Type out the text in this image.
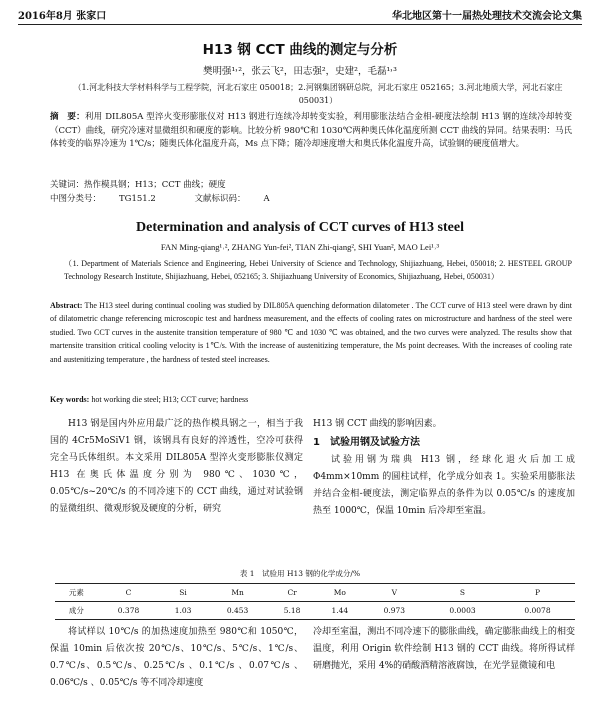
2016年8月 张家口	华北地区第十一届热处理技术交流会论文集
H13 钢 CCT 曲线的测定与分析
樊明强¹˒²，张云飞²，田志强²，史建²，毛磊¹˒³
（1.河北科技大学材料科学与工程学院，河北石家庄 050018；2.河钢集团钢研总院，河北石家庄 052165；3.河北地质大学，河北石家庄 050031）
摘　要：利用 DIL805A 型淬火变形膨胀仪对 H13 钢进行连续冷却转变实验，利用膨胀法结合金相-硬度法绘制 H13 钢的连续冷却转变（CCT）曲线，研究冷速对显微组织和硬度的影响。比较分析 980℃和 1030℃两种奥氏体化温度所测 CCT 曲线的异同。结果表明：马氏体转变的临界冷速为 1℃/s；随奥氏体化温度升高，Ms 点下降；随冷却速度增大和奥氏体化温度升高，试验钢的硬度值增大。
关键词：热作模具钢；H13；CCT 曲线；硬度
中图分类号： TG151.2	文献标识码： A
Determination and analysis of CCT curves of H13 steel
FAN Ming-qiang¹˒², ZHANG Yun-fei², TIAN Zhi-qiang², SHI Yuan², MAO Lei¹˒³
（1. Department of Materials Science and Engineering, Hebei University of Science and Technology, Shijiazhuang, Hebei, 050018; 2. HESTEEL GROUP Technology Research Institute, Shijiazhuang, Hebei, 052165; 3. Shijiazhuang University of Economics, Shijiazhuang, Hebei, 050031）
Abstract: The H13 steel during continual cooling was studied by DIL805A quenching deformation dilatometer . The CCT curve of H13 steel were drawn by dint of dilatometric change referencing microscopic test and hardness measurement, and the effects of cooling rates on microstructure and hardness of the steel were studied. Two CCT curves in the austenite transition temperature of 980 ℃ and 1030 ℃ was obtained, and the two curves were analyzed. The results show that martensite transition critical cooling velocity is 1℃/s. With the increase of austenitizing temperature, the Ms point decreases. With the increases of cooling rate and austenitizing temperature , the hardness of tested steel increases.
Key words: hot working die steel; H13; CCT curve; hardness
H13 钢是国内外应用最广泛的热作模具钢之一，相当于我国的 4Cr5MoSiV1 钢，该钢具有良好的淬透性，空冷可获得完全马氏体组织。本文采用 DIL805A 型淬火变形膨胀仪测定 H13 在奥氏体温度分别为 980℃、1030℃，0.05℃/s~20℃/s 的不同冷速下的 CCT 曲线，通过对试验钢的显微组织、微观形貌及硬度的分析，研究
H13 钢 CCT 曲线的影响因素。
1　试验用钢及试验方法
试验用钢为瑞典 H13 钢，经球化退火后加工成 Φ4mm×10mm 的圆柱试样，化学成分如表 1。实验采用膨胀法并结合金相-硬度法，测定临界点的条件为以 0.05℃/s 的速度加热至 1000℃，保温 10min 后冷却至室温。
表 1　试验用 H13 钢的化学成分/%
元素	C	Si	Mn	Cr	Mo	V	S	P
成分	0.378	1.03	0.453	5.18	1.44	0.973	0.0003	0.0078
将试样以 10℃/s 的加热速度加热至 980℃和 1050℃，保温 10min 后依次按 20℃/s、10℃/s、5℃/s、1℃/s、0.7℃/s、0.5℃/s、0.25℃/s 、0.1℃/s 、0.07℃/s 、0.06℃/s 、0.05℃/s 等不同冷却速度
冷却至室温，测出不同冷速下的膨胀曲线，确定膨胀曲线上的相变温度，利用 Origin 软件绘制 H13 钢的 CCT 曲线。将所得试样研磨抛光，采用 4%的硝酸酒精溶液腐蚀，在光学显微镜和电
